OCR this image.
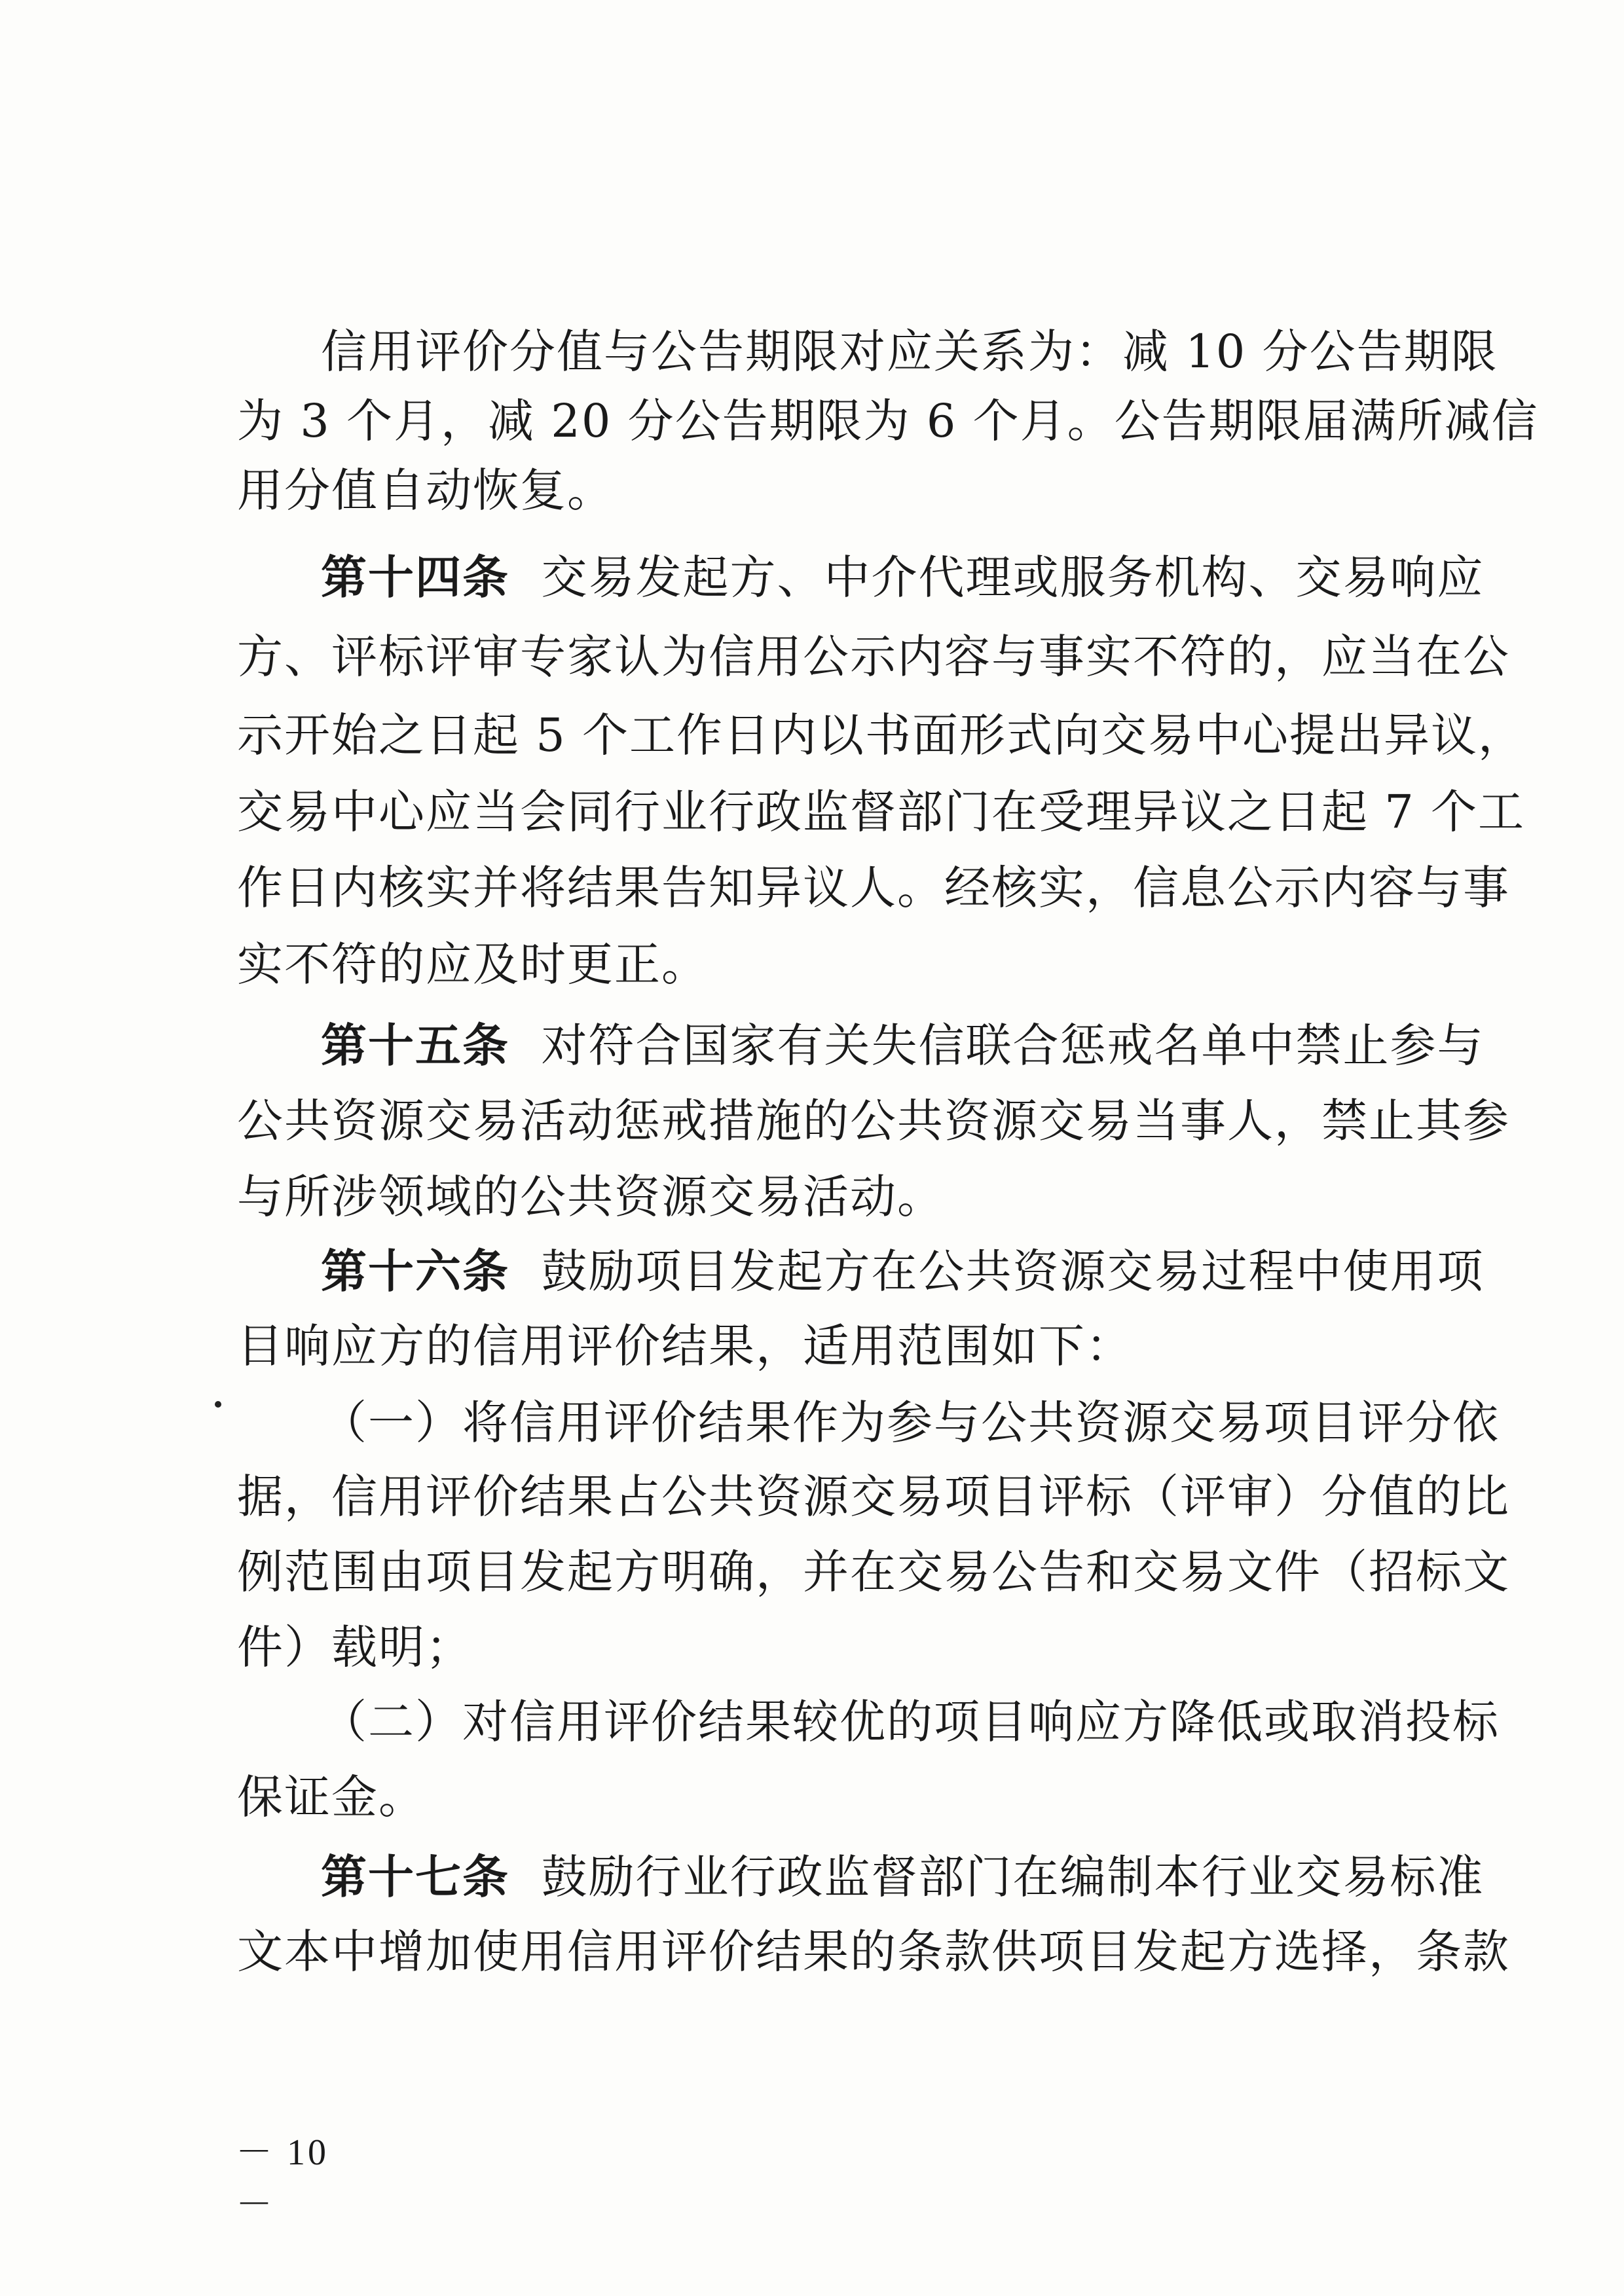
信用评价分值与公告期限对应关系为：减 10 分公告期限
为 3 个月，减 20 分公告期限为 6 个月。公告期限届满所减信
用分值自动恢复。
第十四条 交易发起方、中介代理或服务机构、交易响应
方、评标评审专家认为信用公示内容与事实不符的，应当在公
示开始之日起 5 个工作日内以书面形式向交易中心提出异议，
交易中心应当会同行业行政监督部门在受理异议之日起 7 个工
作日内核实并将结果告知异议人。经核实，信息公示内容与事
实不符的应及时更正。
第十五条 对符合国家有关失信联合惩戒名单中禁止参与
公共资源交易活动惩戒措施的公共资源交易当事人，禁止其参
与所涉领域的公共资源交易活动。
第十六条 鼓励项目发起方在公共资源交易过程中使用项
目响应方的信用评价结果，适用范围如下：
（一）将信用评价结果作为参与公共资源交易项目评分依
据，信用评价结果占公共资源交易项目评标（评审）分值的比
例范围由项目发起方明确，并在交易公告和交易文件（招标文
件）载明；
（二）对信用评价结果较优的项目响应方降低或取消投标
保证金。
第十七条 鼓励行业行政监督部门在编制本行业交易标准
文本中增加使用信用评价结果的条款供项目发起方选择，条款
－ 10 －
